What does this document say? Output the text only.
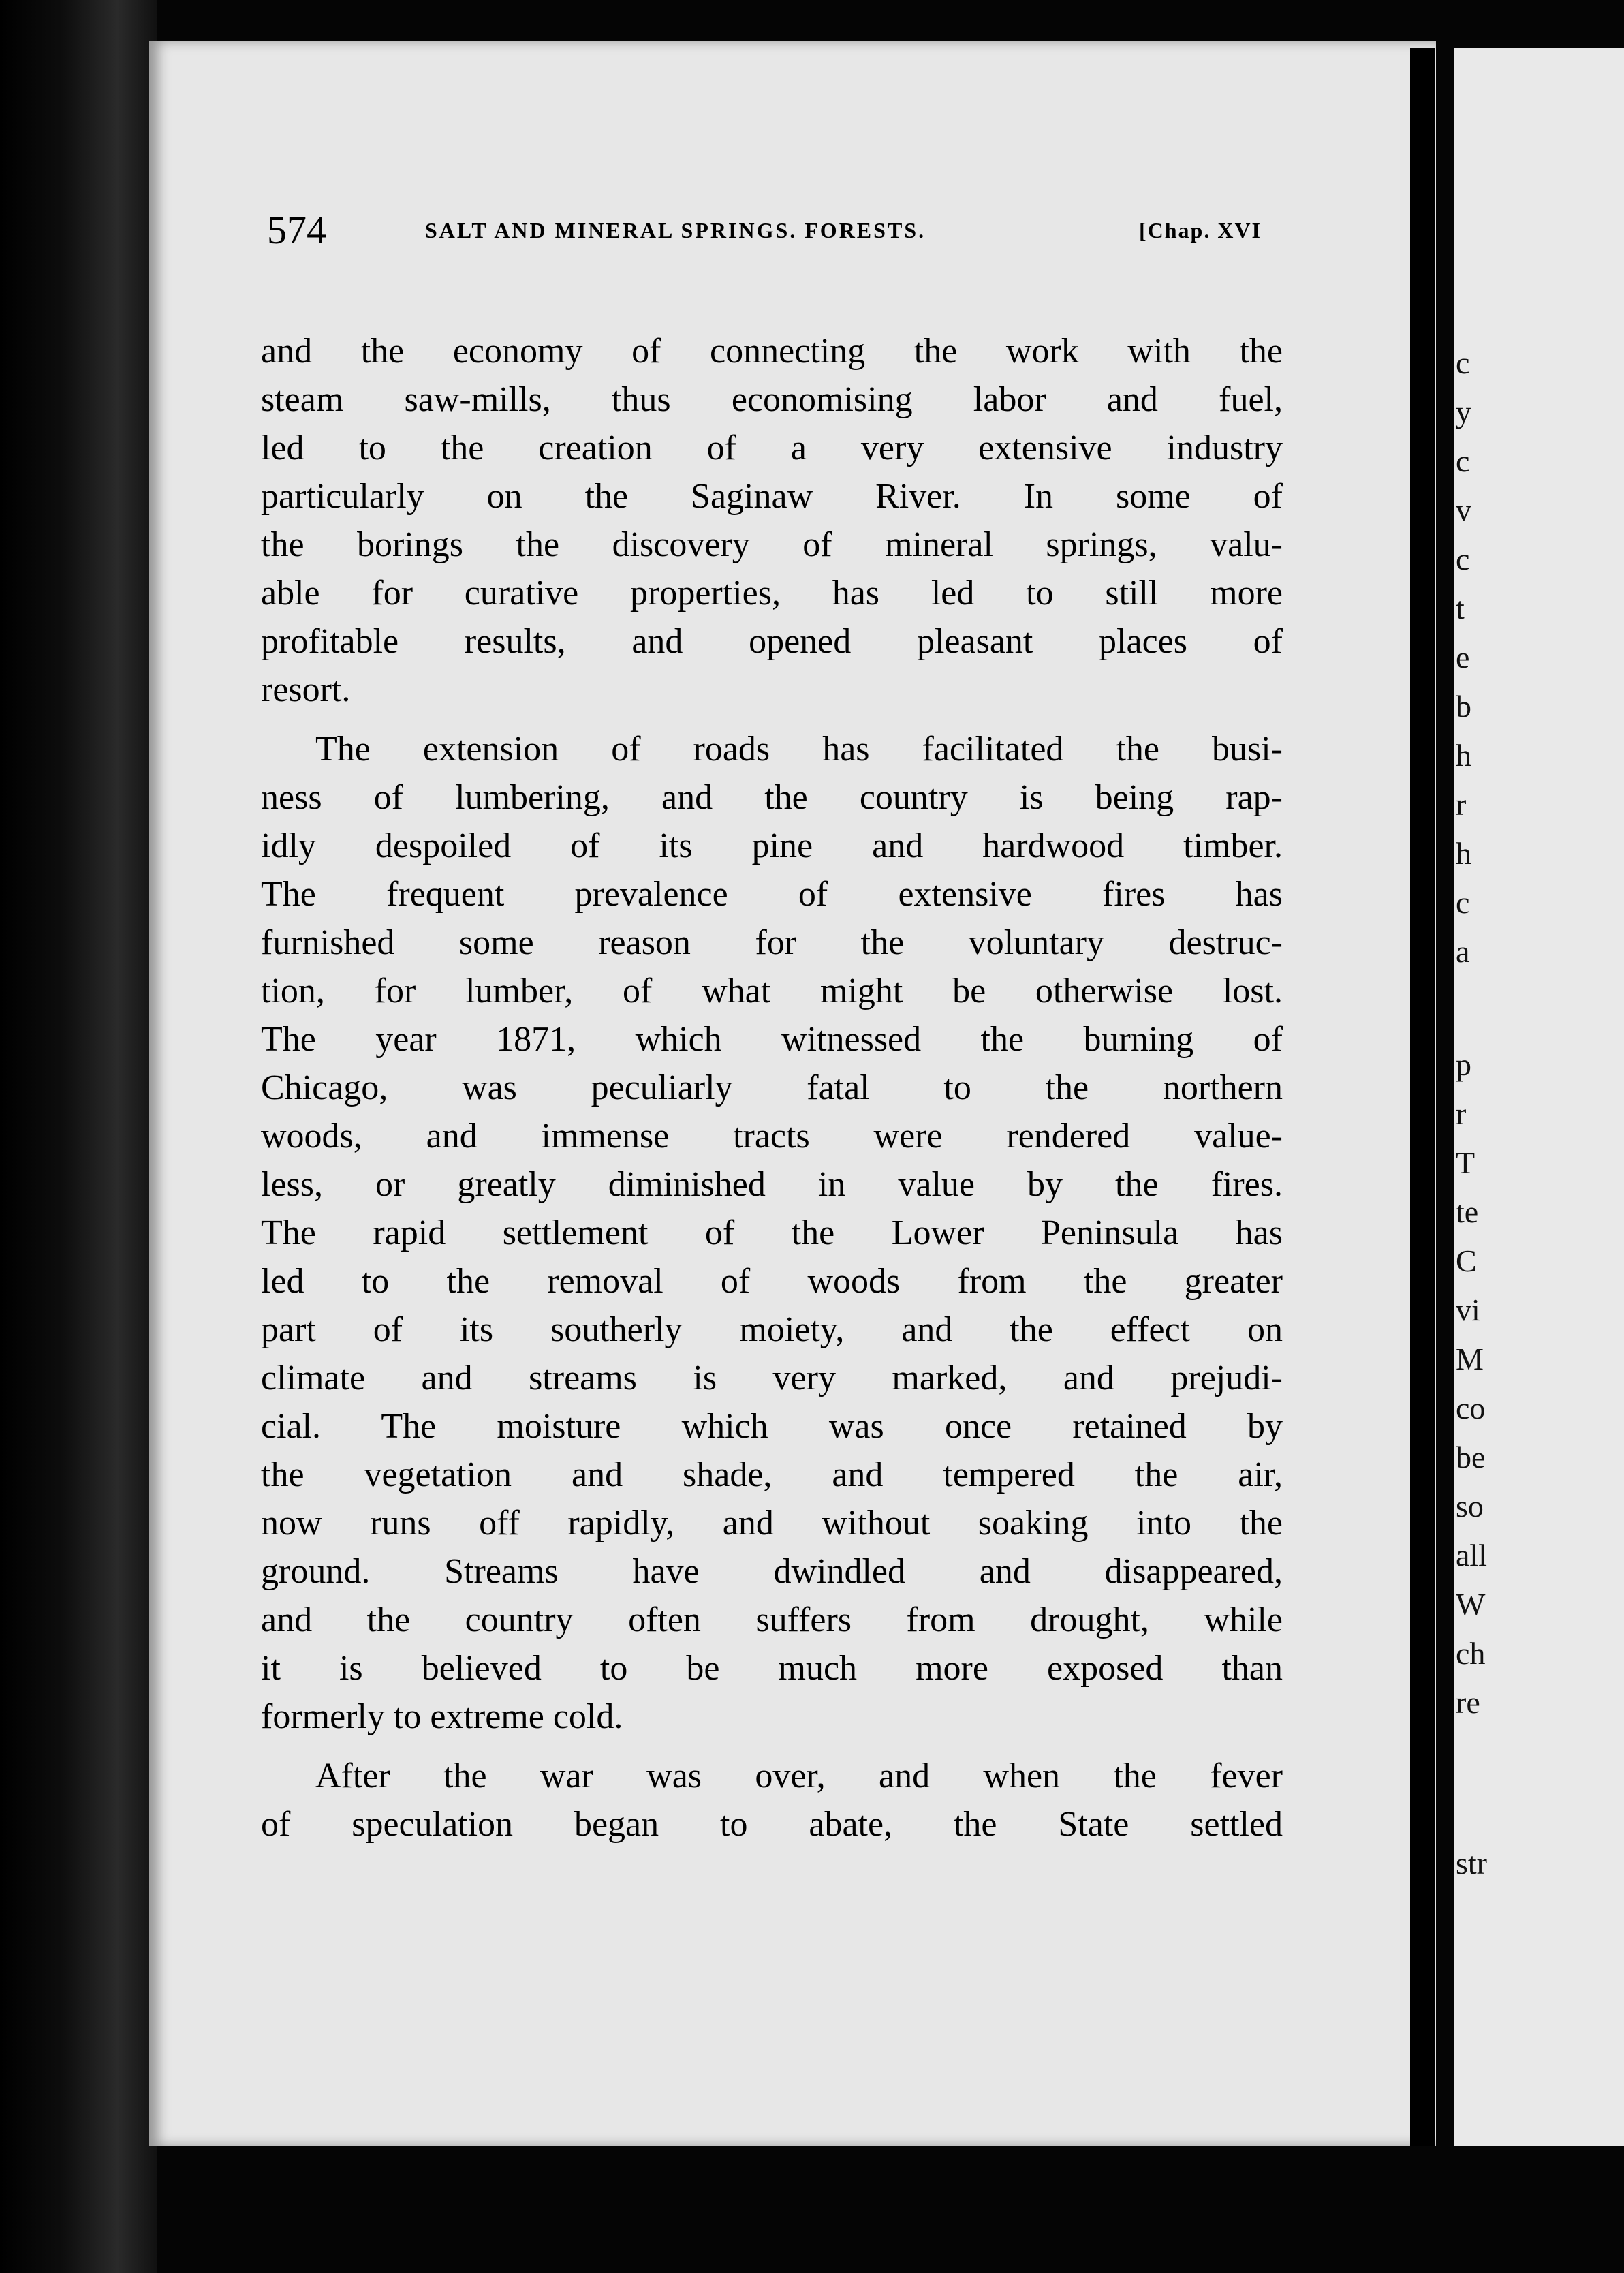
574	SALT AND MINERAL SPRINGS. FORESTS.	[Chap. XVI
and the economy of connecting the work with the
steam saw-mills, thus economising labor and fuel,
led to the creation of a very extensive industry
particularly on the Saginaw River. In some of
the borings the discovery of mineral springs, valu-
able for curative properties, has led to still more
profitable results, and opened pleasant places of
resort.
The extension of roads has facilitated the busi-
ness of lumbering, and the country is being rap-
idly despoiled of its pine and hardwood timber.
The frequent prevalence of extensive fires has
furnished some reason for the voluntary destruc-
tion, for lumber, of what might be otherwise lost.
The year 1871, which witnessed the burning of
Chicago, was peculiarly fatal to the northern
woods, and immense tracts were rendered value-
less, or greatly diminished in value by the fires.
The rapid settlement of the Lower Peninsula has
led to the removal of woods from the greater
part of its southerly moiety, and the effect on
climate and streams is very marked, and prejudi-
cial. The moisture which was once retained by
the vegetation and shade, and tempered the air,
now runs off rapidly, and without soaking into the
ground. Streams have dwindled and disappeared,
and the country often suffers from drought, while
it is believed to be much more exposed than
formerly to extreme cold.
After the war was over, and when the fever
of speculation began to abate, the State settled
c
y
c
v
c
t
e
b
h
r
h
c
a
p
r
T
te
C
vi
M
co
be
so
all
W
ch
re
str
